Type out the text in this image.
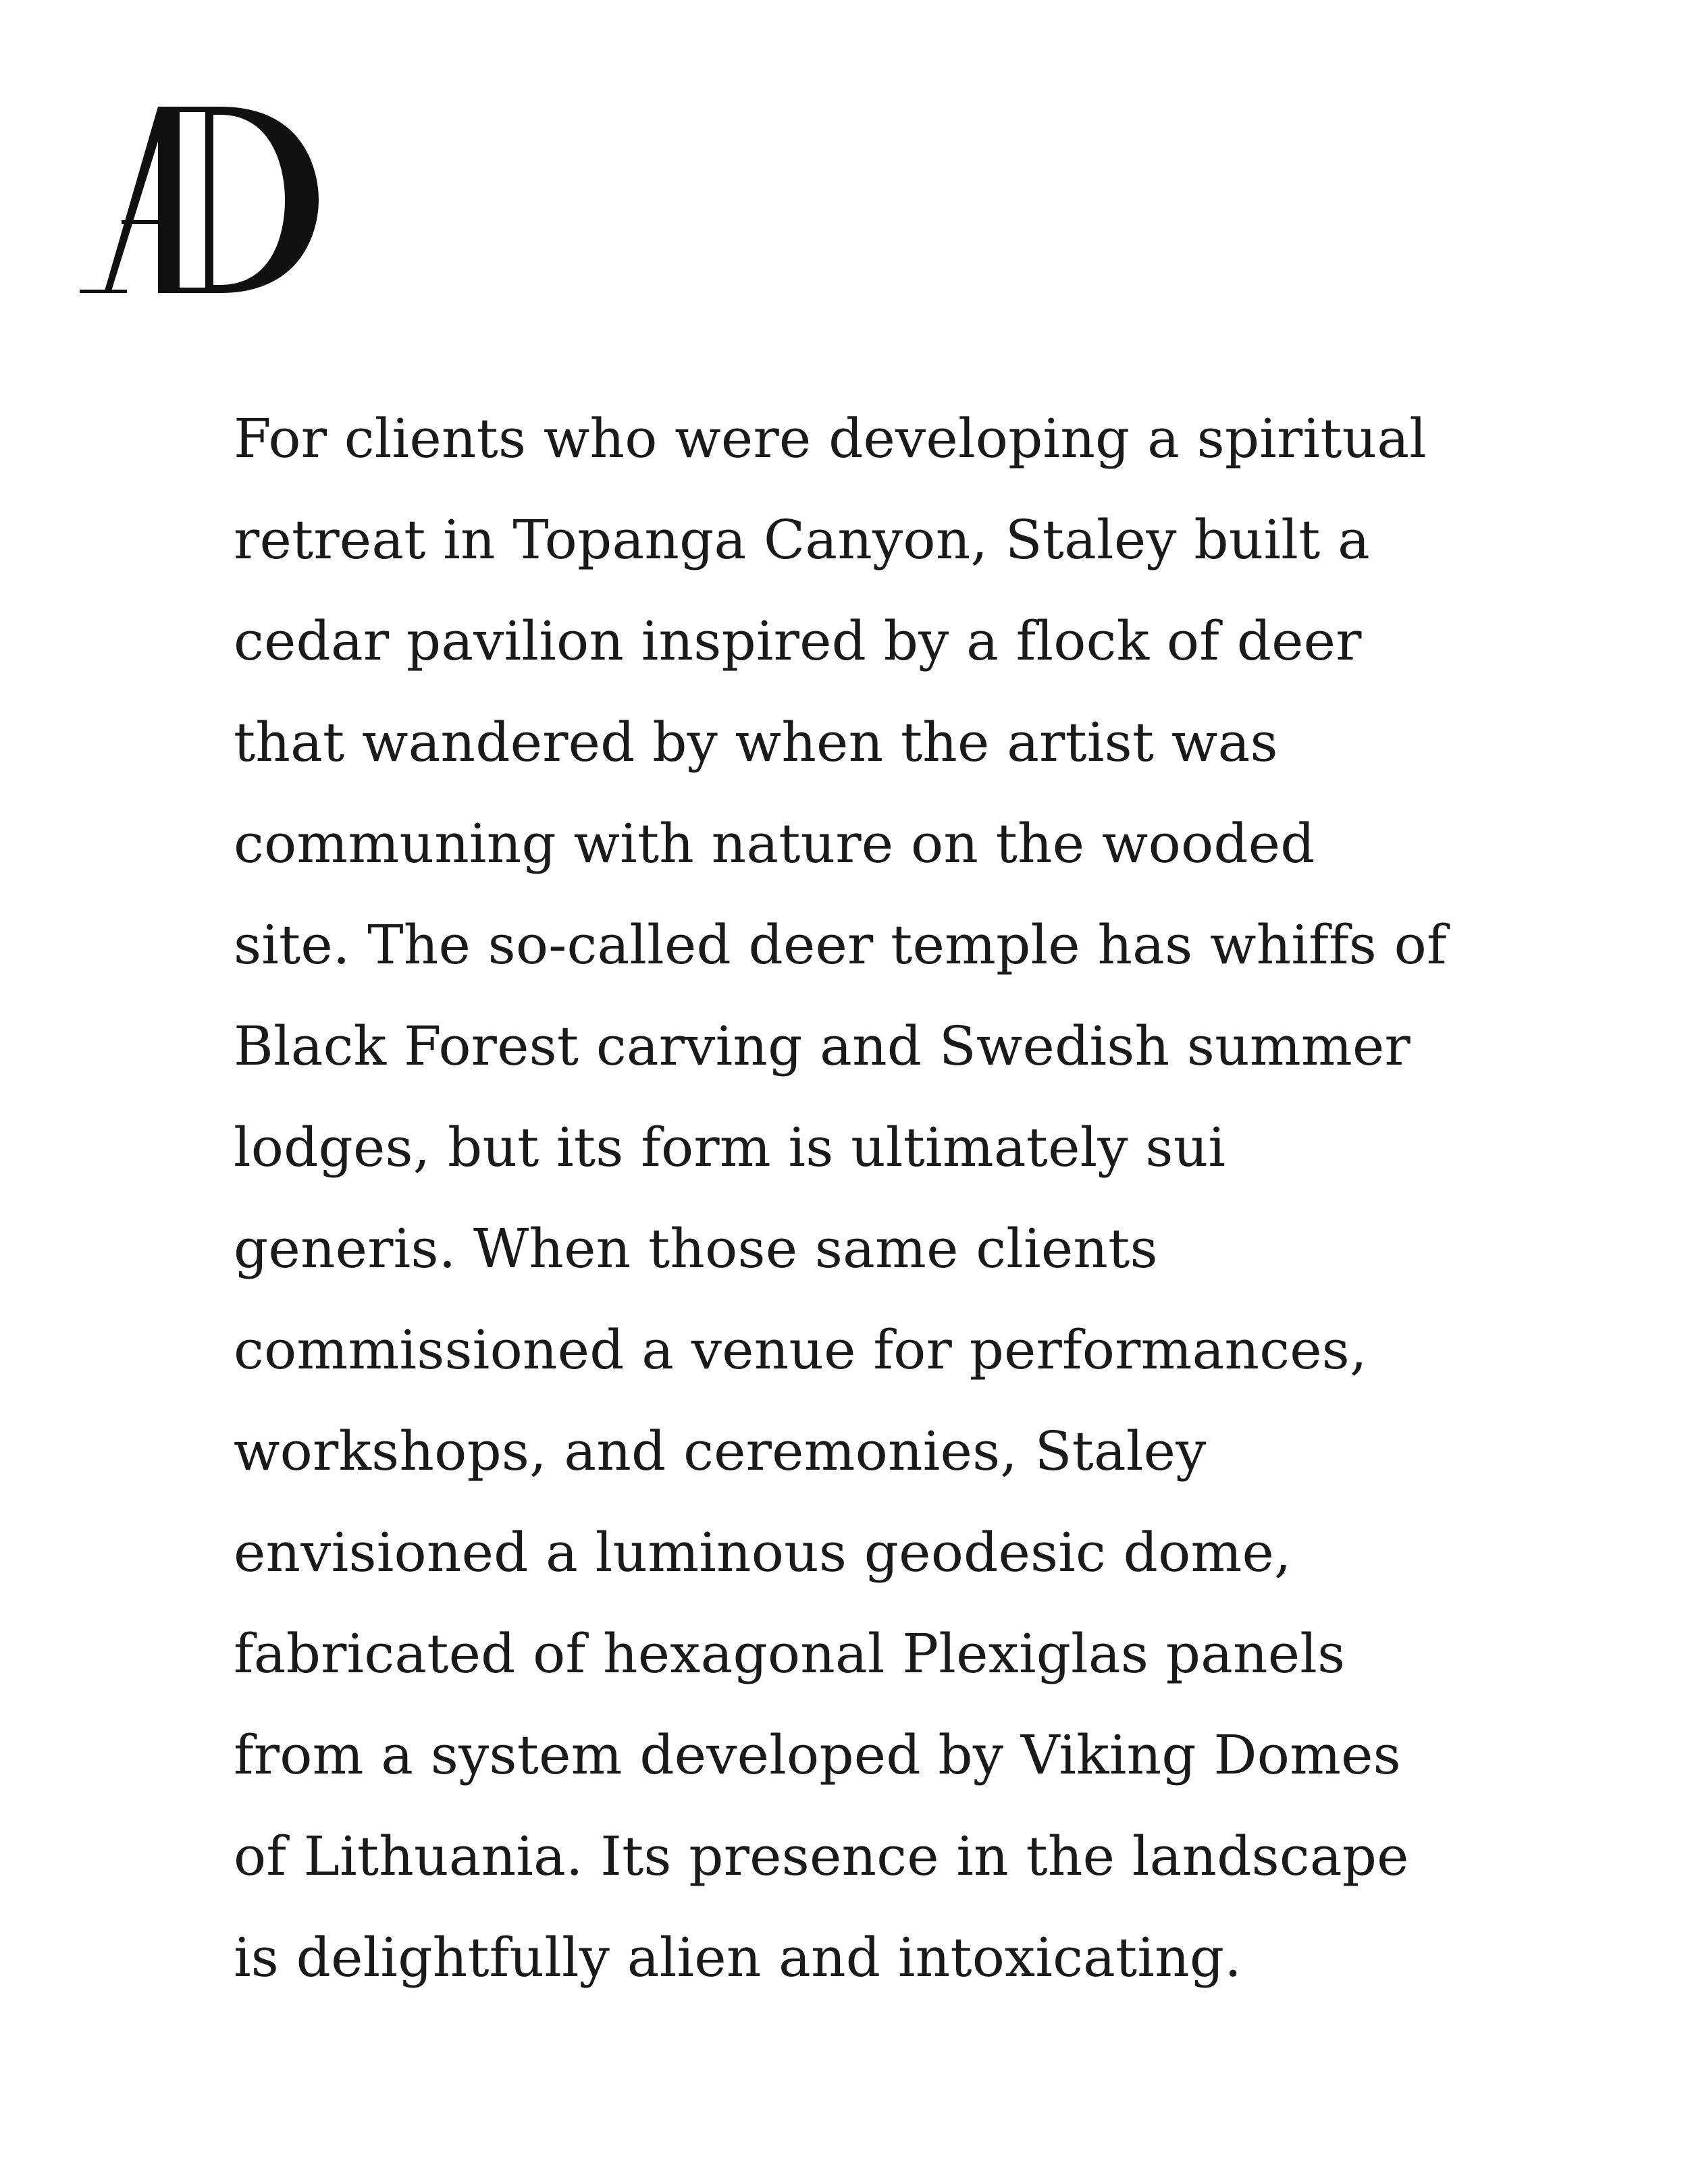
For clients who were developing a spiritual

retreat in Topanga Canyon, Staley built a

cedar pavilion inspired by a flock of deer

that wandered by when the artist was

communing with nature on the wooded

site. The so-called deer temple has whiffs of

Black Forest carving and Swedish summer

lodges, but its form is ultimately sui

generis. When those same clients

commissioned a venue for performances,

workshops, and ceremonies, Staley

envisioned a luminous geodesic dome,

fabricated of hexagonal Plexiglas panels

from a system developed by Viking Domes

of Lithuania. Its presence in the landscape

is delightfully alien and intoxicating.
